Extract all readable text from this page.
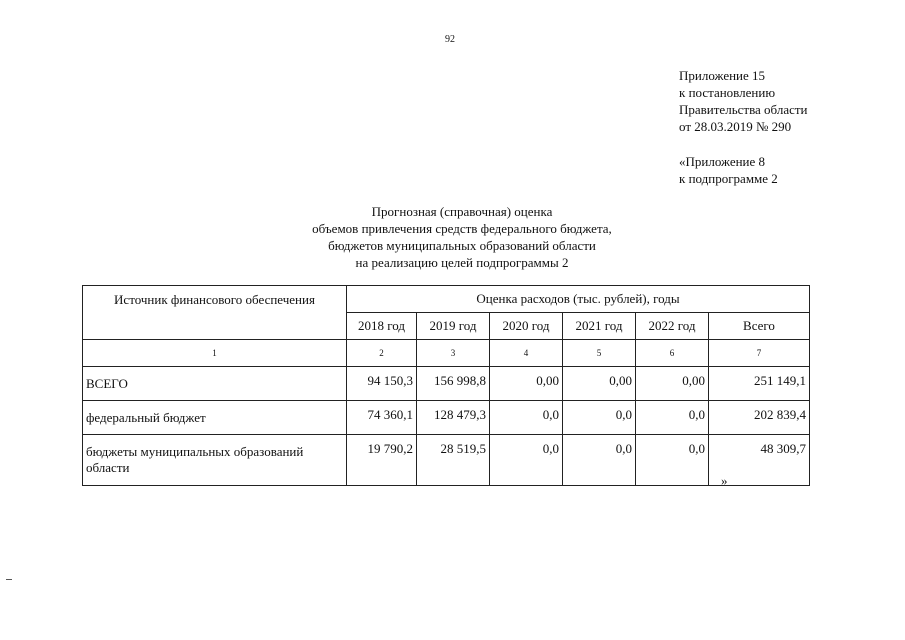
92
Приложение 15
к постановлению
Правительства области
от 28.03.2019 № 290
«Приложение 8
к подпрограмме 2
Прогнозная (справочная) оценка
объемов привлечения средств федерального бюджета,
бюджетов муниципальных образований области
на реализацию целей подпрограммы 2
Источник финансового обеспечения	Оценка расходов (тыс. рублей), годы					
	2018 год	2019 год	2020 год	2021 год	2022 год	Всего
1	2	3	4	5	6	7
ВСЕГО	94 150,3	156 998,8	0,00	0,00	0,00	251 149,1
федеральный бюджет	74 360,1	128 479,3	0,0	0,0	0,0	202 839,4
бюджеты муниципальных образований области	19 790,2	28 519,5	0,0	0,0	0,0	48 309,7
»
